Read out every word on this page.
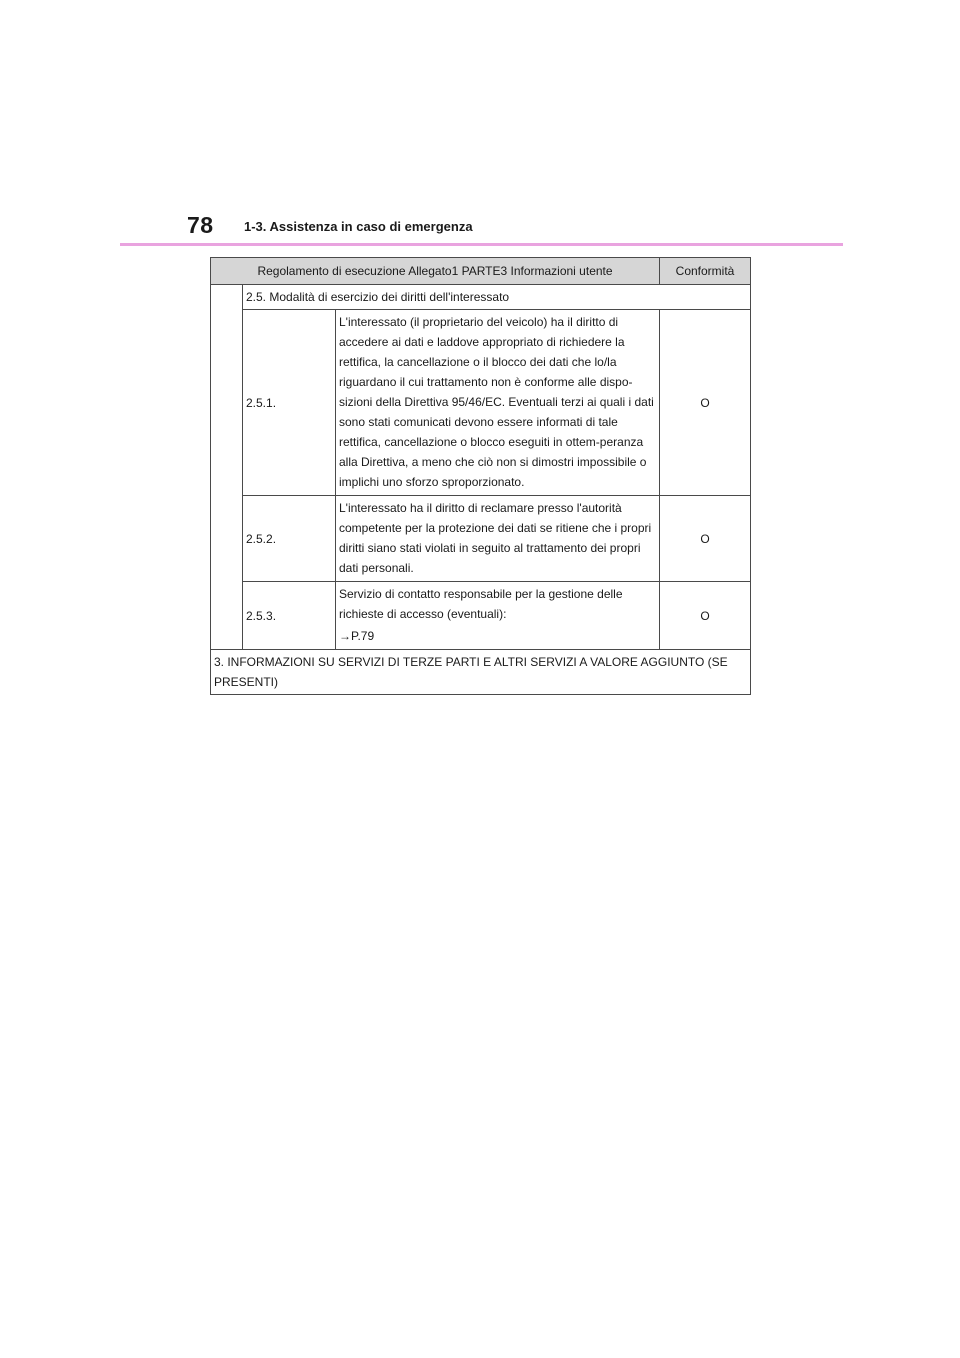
78 1-3. Assistenza in caso di emergenza
Regolamento di esecuzione Allegato1 PARTE3 Informazioni utente			Conformità
	2.5. Modalità di esercizio dei diritti dell'interessato		
	2.5.1.	L'interessato (il proprietario del veicolo) ha il diritto di accedere ai dati e laddove appropriato di richiedere la rettifica, la cancellazione o il blocco dei dati che lo/la riguardano il cui trattamento non è conforme alle dispo-sizioni della Direttiva 95/46/EC. Eventuali terzi ai quali i dati sono stati comunicati devono essere informati di tale rettifica, cancellazione o blocco eseguiti in ottem-peranza alla Direttiva, a meno che ciò non si dimostri impossibile o implichi uno sforzo sproporzionato.	O
	2.5.2.	L'interessato ha il diritto di reclamare presso l'autorità competente per la protezione dei dati se ritiene che i propri diritti siano stati violati in seguito al trattamento dei propri dati personali.	O
	2.5.3.	Servizio di contatto responsabile per la gestione delle richieste di accesso (eventuali):
→P.79	O
3. INFORMAZIONI SU SERVIZI DI TERZE PARTI E ALTRI SERVIZI A VALORE AGGIUNTO (SE PRESENTI)			
